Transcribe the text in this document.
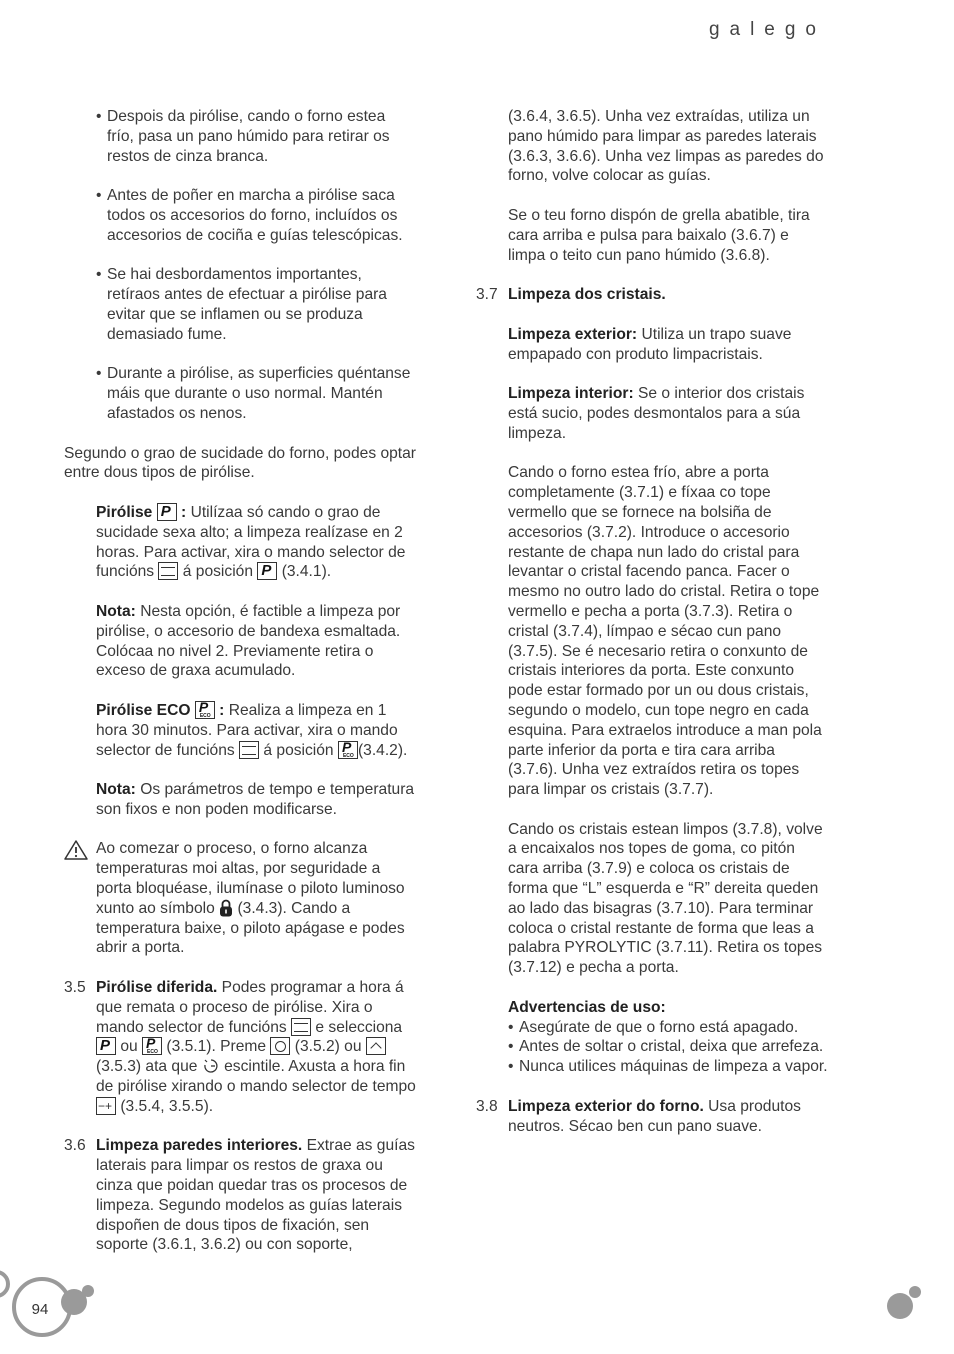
galego
• Despois da pirólise, cando o forno estea frío, pasa un pano húmido para retirar os restos de cinza branca.
• Antes de poñer en marcha a pirólise saca todos os accesorios do forno, incluídos os accesorios de cociña e guías telescópicas.
• Se hai desbordamentos importantes, retíraos antes de efectuar a pirólise para evitar que se inflamen ou se produza demasiado fume.
• Durante a pirólise, as superficies quéntanse máis que durante o uso normal. Mantén afastados os nenos.

Segundo o grao de sucidade do forno, podes optar entre dous tipos de pirólise.

Pirólise P : Utilízaa só cando o grao de sucidade sexa alto; a limpeza realízase en 2 horas. Para activar, xira o mando selector de funcións á posición P (3.4.1).

Nota: Nesta opción, é factible a limpeza por pirólise, o accesorio de bandexa esmaltada. Colócaa no nivel 2. Previamente retira o exceso de graxa acumulado.

Pirólise ECO ECO P : Realiza a limpeza en 1 hora 30 minutos. Para activar, xira o mando selector de funcións á posición ECO P (3.4.2).

Nota: Os parámetros de tempo e temperatura son fixos e non poden modificarse.

Ao comezar o proceso, o forno alcanza temperaturas moi altas, por seguridade a porta bloquéase, ilumínase o piloto luminoso xunto ao símbolo (3.4.3). Cando a temperatura baixe, o piloto apágase e podes abrir a porta.
3.5 Pirólise diferida. Podes programar a hora á que remata o proceso de pirólise. Xira o mando selector de funcións e selecciona P ou ECO P (3.5.1). Preme (3.5.2) ou  (3.5.3) ata que escintile. Axusta a hora fin de pirólise xirando o mando selector de tempo −+ (3.5.4, 3.5.5).

3.6 Limpeza paredes interiores. Extrae as guías laterais para limpar os restos de graxa ou cinza que poidan quedar tras os procesos de limpeza. Segundo modelos as guías laterais dispoñen de dous tipos de fixación, sen soporte (3.6.1, 3.6.2) ou con soporte,

(3.6.4, 3.6.5). Unha vez extraídas, utiliza un pano húmido para limpar as paredes laterais (3.6.3, 3.6.6). Unha vez limpas as paredes do forno, volve colocar as guías.

Se o teu forno dispón de grella abatible, tira cara arriba e pulsa para baixalo (3.6.7) e limpa o teito cun pano húmido (3.6.8).

3.7 Limpeza dos cristais.

Limpeza exterior: Utiliza un trapo suave empapado con produto limpacristais.

Limpeza interior: Se o interior dos cristais está sucio, podes desmontalos para a súa limpeza.

Cando o forno estea frío, abre a porta completamente (3.7.1) e fíxaa co tope vermello que se fornece na bolsiña de accesorios (3.7.2). Introduce o accesorio restante de chapa nun lado do cristal para levantar o cristal facendo panca. Facer o mesmo no outro lado do cristal. Retira o tope vermello e pecha a porta (3.7.3). Retira o cristal (3.7.4), límpao e sécao cun pano (3.7.5). Se é necesario retira o conxunto de cristais interiores da porta. Este conxunto pode estar formado por un ou dous cristais, segundo o modelo, cun tope negro en cada esquina. Para extraelos introduce a man pola parte inferior da porta e tira cara arriba (3.7.6). Unha vez extraídos retira os topes para limpar os cristais (3.7.7).

Cando os cristais estean limpos (3.7.8), volve a encaixalos nos topes de goma, co pitón cara arriba (3.7.9) e coloca os cristais de forma que “L” esquerda e “R” dereita queden ao lado das bisagras (3.7.10). Para terminar coloca o cristal restante de forma que leas a palabra PYROLYTIC (3.7.11). Retira os topes (3.7.12) e pecha a porta.

Advertencias de uso:

• Asegúrate de que o forno está apagado.
• Antes de soltar o cristal, deixa que arrefeza.
• Nunca utilices máquinas de limpeza a vapor.
3.8 Limpeza exterior do forno. Usa produtos neutros. Sécao ben cun pano suave.

94
